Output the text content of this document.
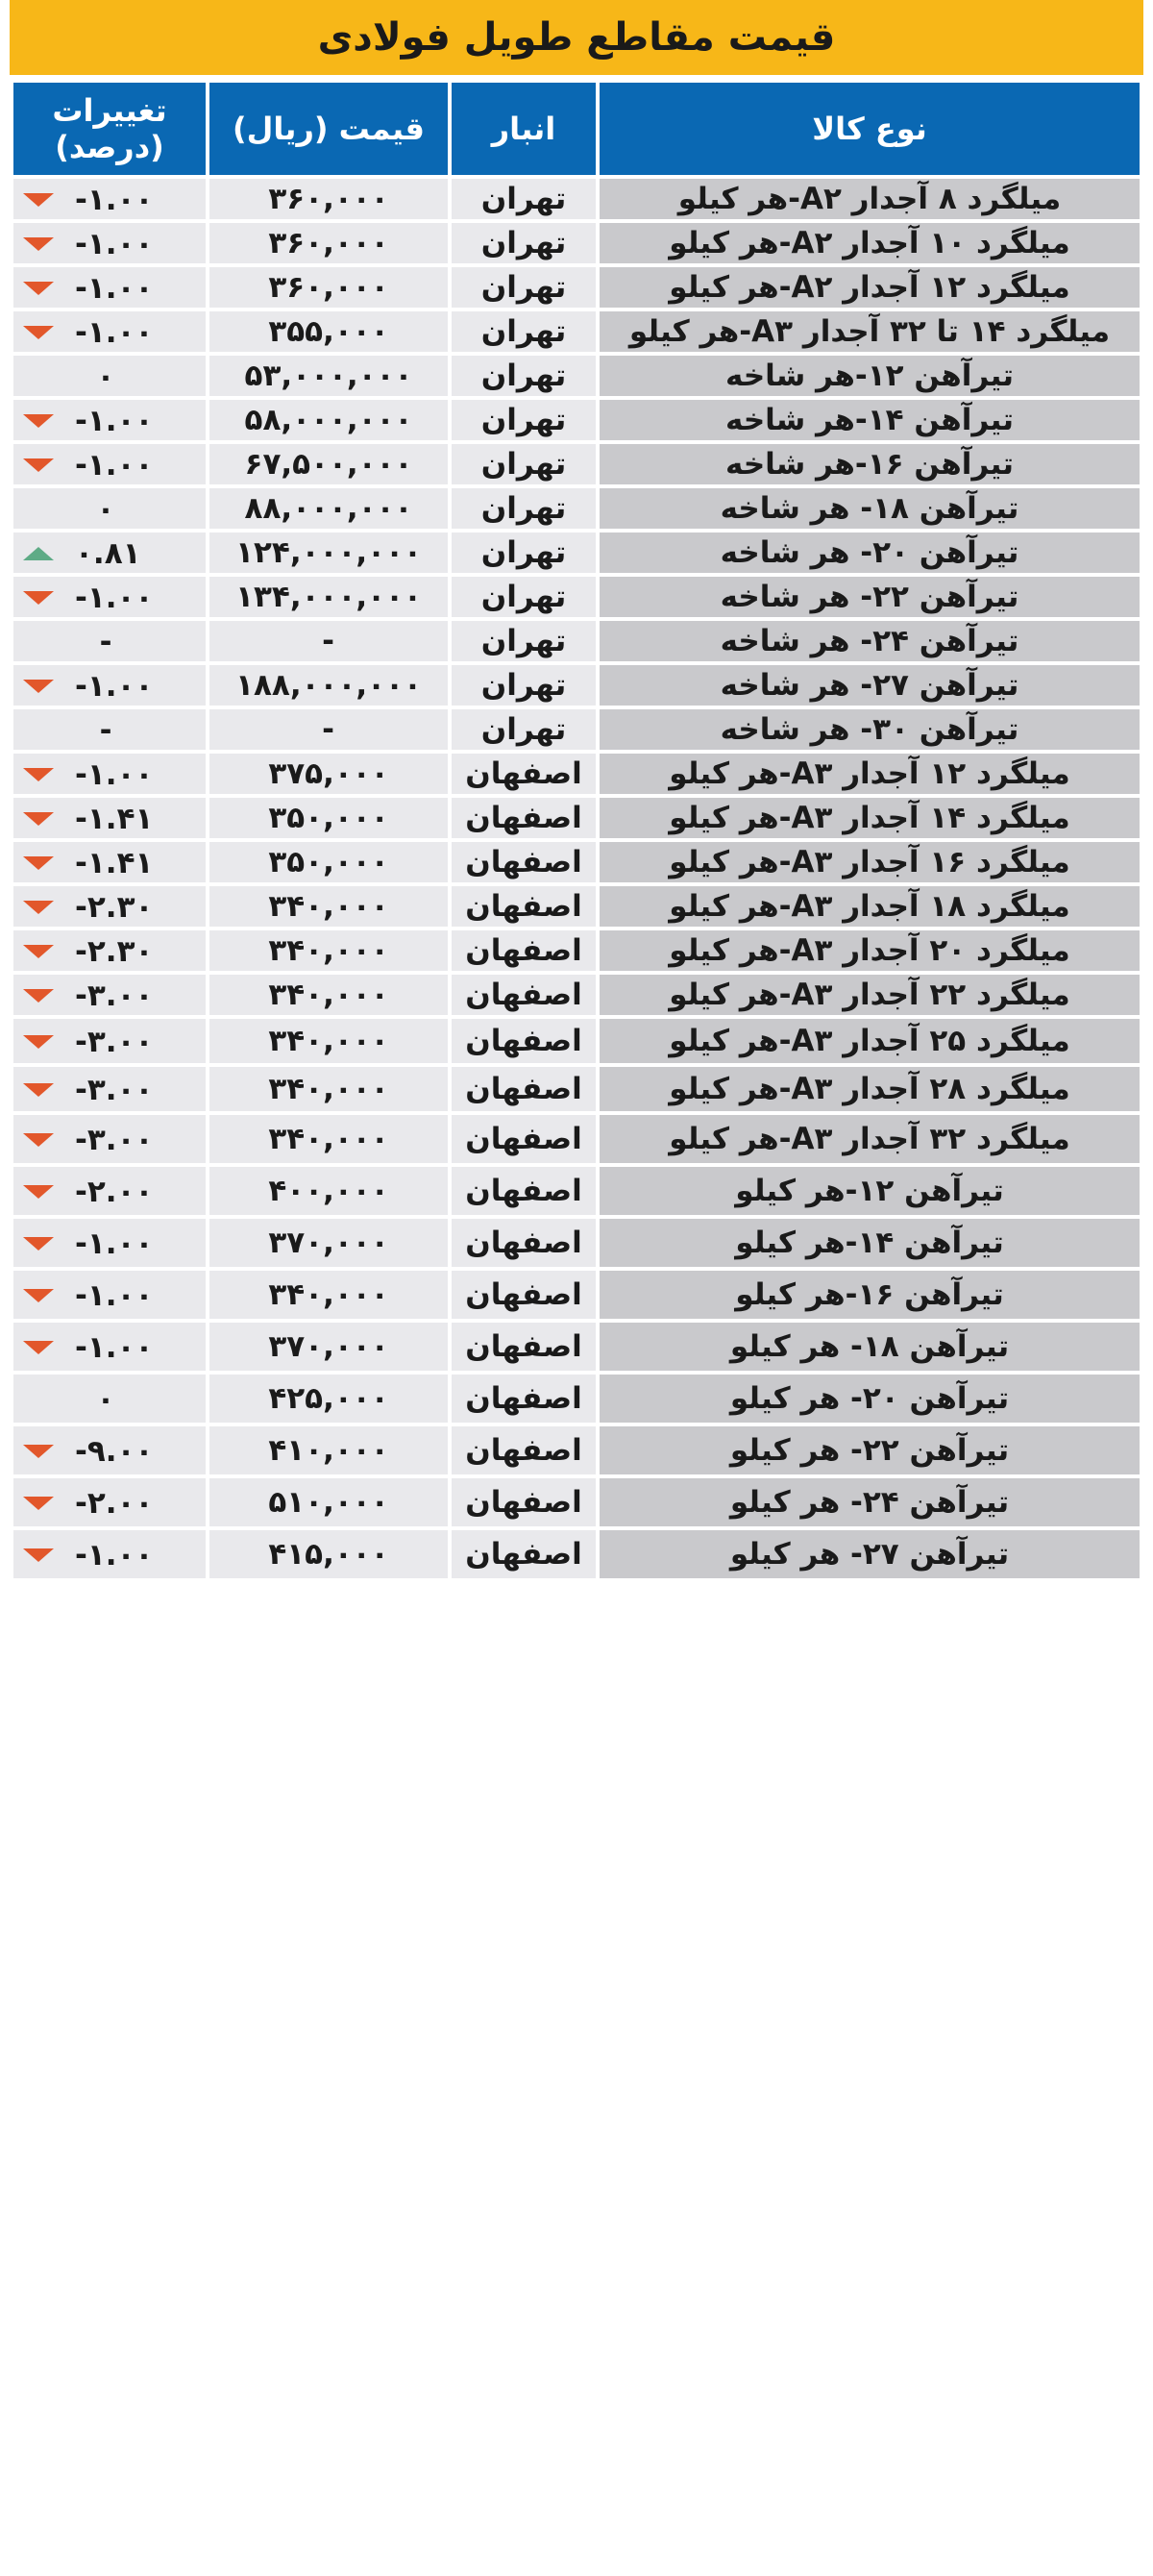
قیمت مقاطع طویل فولادی
تغییرات (درصد)	قیمت (ریال)	انبار	نوع کالا
-۱.۰۰	۳۶۰,۰۰۰	تهران	میلگرد ۸ آجدار A۲-هر کیلو
-۱.۰۰	۳۶۰,۰۰۰	تهران	میلگرد ۱۰ آجدار A۲-هر کیلو
-۱.۰۰	۳۶۰,۰۰۰	تهران	میلگرد ۱۲ آجدار A۲-هر کیلو
-۱.۰۰	۳۵۵,۰۰۰	تهران	میلگرد ۱۴ تا ۳۲ آجدار A۳-هر کیلو
۰	۵۳,۰۰۰,۰۰۰	تهران	تیرآهن ۱۲-هر شاخه
-۱.۰۰	۵۸,۰۰۰,۰۰۰	تهران	تیرآهن ۱۴-هر شاخه
-۱.۰۰	۶۷,۵۰۰,۰۰۰	تهران	تیرآهن ۱۶-هر شاخه
۰	۸۸,۰۰۰,۰۰۰	تهران	تیرآهن ۱۸- هر شاخه
۰.۸۱	۱۲۴,۰۰۰,۰۰۰	تهران	تیرآهن ۲۰- هر شاخه
-۱.۰۰	۱۳۴,۰۰۰,۰۰۰	تهران	تیرآهن ۲۲- هر شاخه
-	-	تهران	تیرآهن ۲۴- هر شاخه
-۱.۰۰	۱۸۸,۰۰۰,۰۰۰	تهران	تیرآهن ۲۷- هر شاخه
-	-	تهران	تیرآهن ۳۰- هر شاخه
-۱.۰۰	۳۷۵,۰۰۰	اصفهان	میلگرد ۱۲ آجدار A۳-هر کیلو
-۱.۴۱	۳۵۰,۰۰۰	اصفهان	میلگرد ۱۴ آجدار A۳-هر کیلو
-۱.۴۱	۳۵۰,۰۰۰	اصفهان	میلگرد ۱۶ آجدار A۳-هر کیلو
-۲.۳۰	۳۴۰,۰۰۰	اصفهان	میلگرد ۱۸ آجدار A۳-هر کیلو
-۲.۳۰	۳۴۰,۰۰۰	اصفهان	میلگرد ۲۰ آجدار A۳-هر کیلو
-۳.۰۰	۳۴۰,۰۰۰	اصفهان	میلگرد ۲۲ آجدار A۳-هر کیلو
-۳.۰۰	۳۴۰,۰۰۰	اصفهان	میلگرد ۲۵ آجدار A۳-هر کیلو
-۳.۰۰	۳۴۰,۰۰۰	اصفهان	میلگرد ۲۸ آجدار A۳-هر کیلو
-۳.۰۰	۳۴۰,۰۰۰	اصفهان	میلگرد ۳۲ آجدار A۳-هر کیلو
-۲.۰۰	۴۰۰,۰۰۰	اصفهان	تیرآهن ۱۲-هر کیلو
-۱.۰۰	۳۷۰,۰۰۰	اصفهان	تیرآهن ۱۴-هر کیلو
-۱.۰۰	۳۴۰,۰۰۰	اصفهان	تیرآهن ۱۶-هر کیلو
-۱.۰۰	۳۷۰,۰۰۰	اصفهان	تیرآهن ۱۸- هر کیلو
۰	۴۲۵,۰۰۰	اصفهان	تیرآهن ۲۰- هر کیلو
-۹.۰۰	۴۱۰,۰۰۰	اصفهان	تیرآهن ۲۲- هر کیلو
-۲.۰۰	۵۱۰,۰۰۰	اصفهان	تیرآهن ۲۴- هر کیلو
-۱.۰۰	۴۱۵,۰۰۰	اصفهان	تیرآهن ۲۷- هر کیلو
